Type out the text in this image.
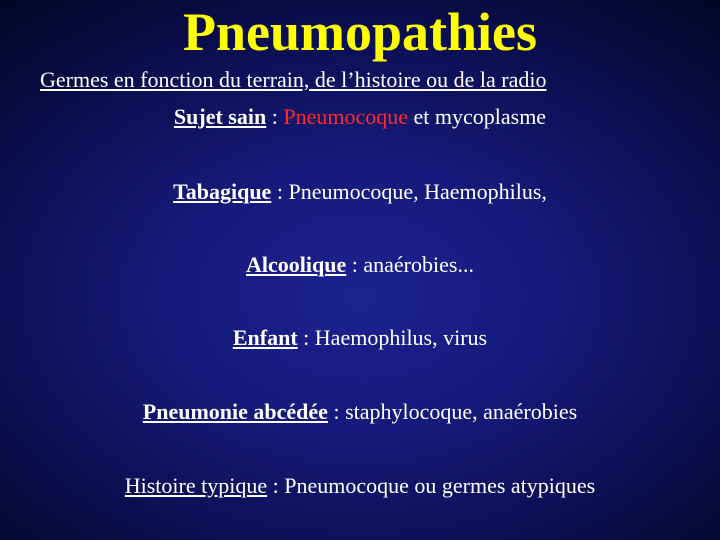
Pneumopathies
Germes en fonction du terrain, de l’histoire ou de la radio
Sujet sain : Pneumocoque et mycoplasme
Tabagique : Pneumocoque, Haemophilus,
Alcoolique : anaérobies...
Enfant : Haemophilus, virus
Pneumonie abcédée : staphylocoque, anaérobies
Histoire typique : Pneumocoque ou germes atypiques
